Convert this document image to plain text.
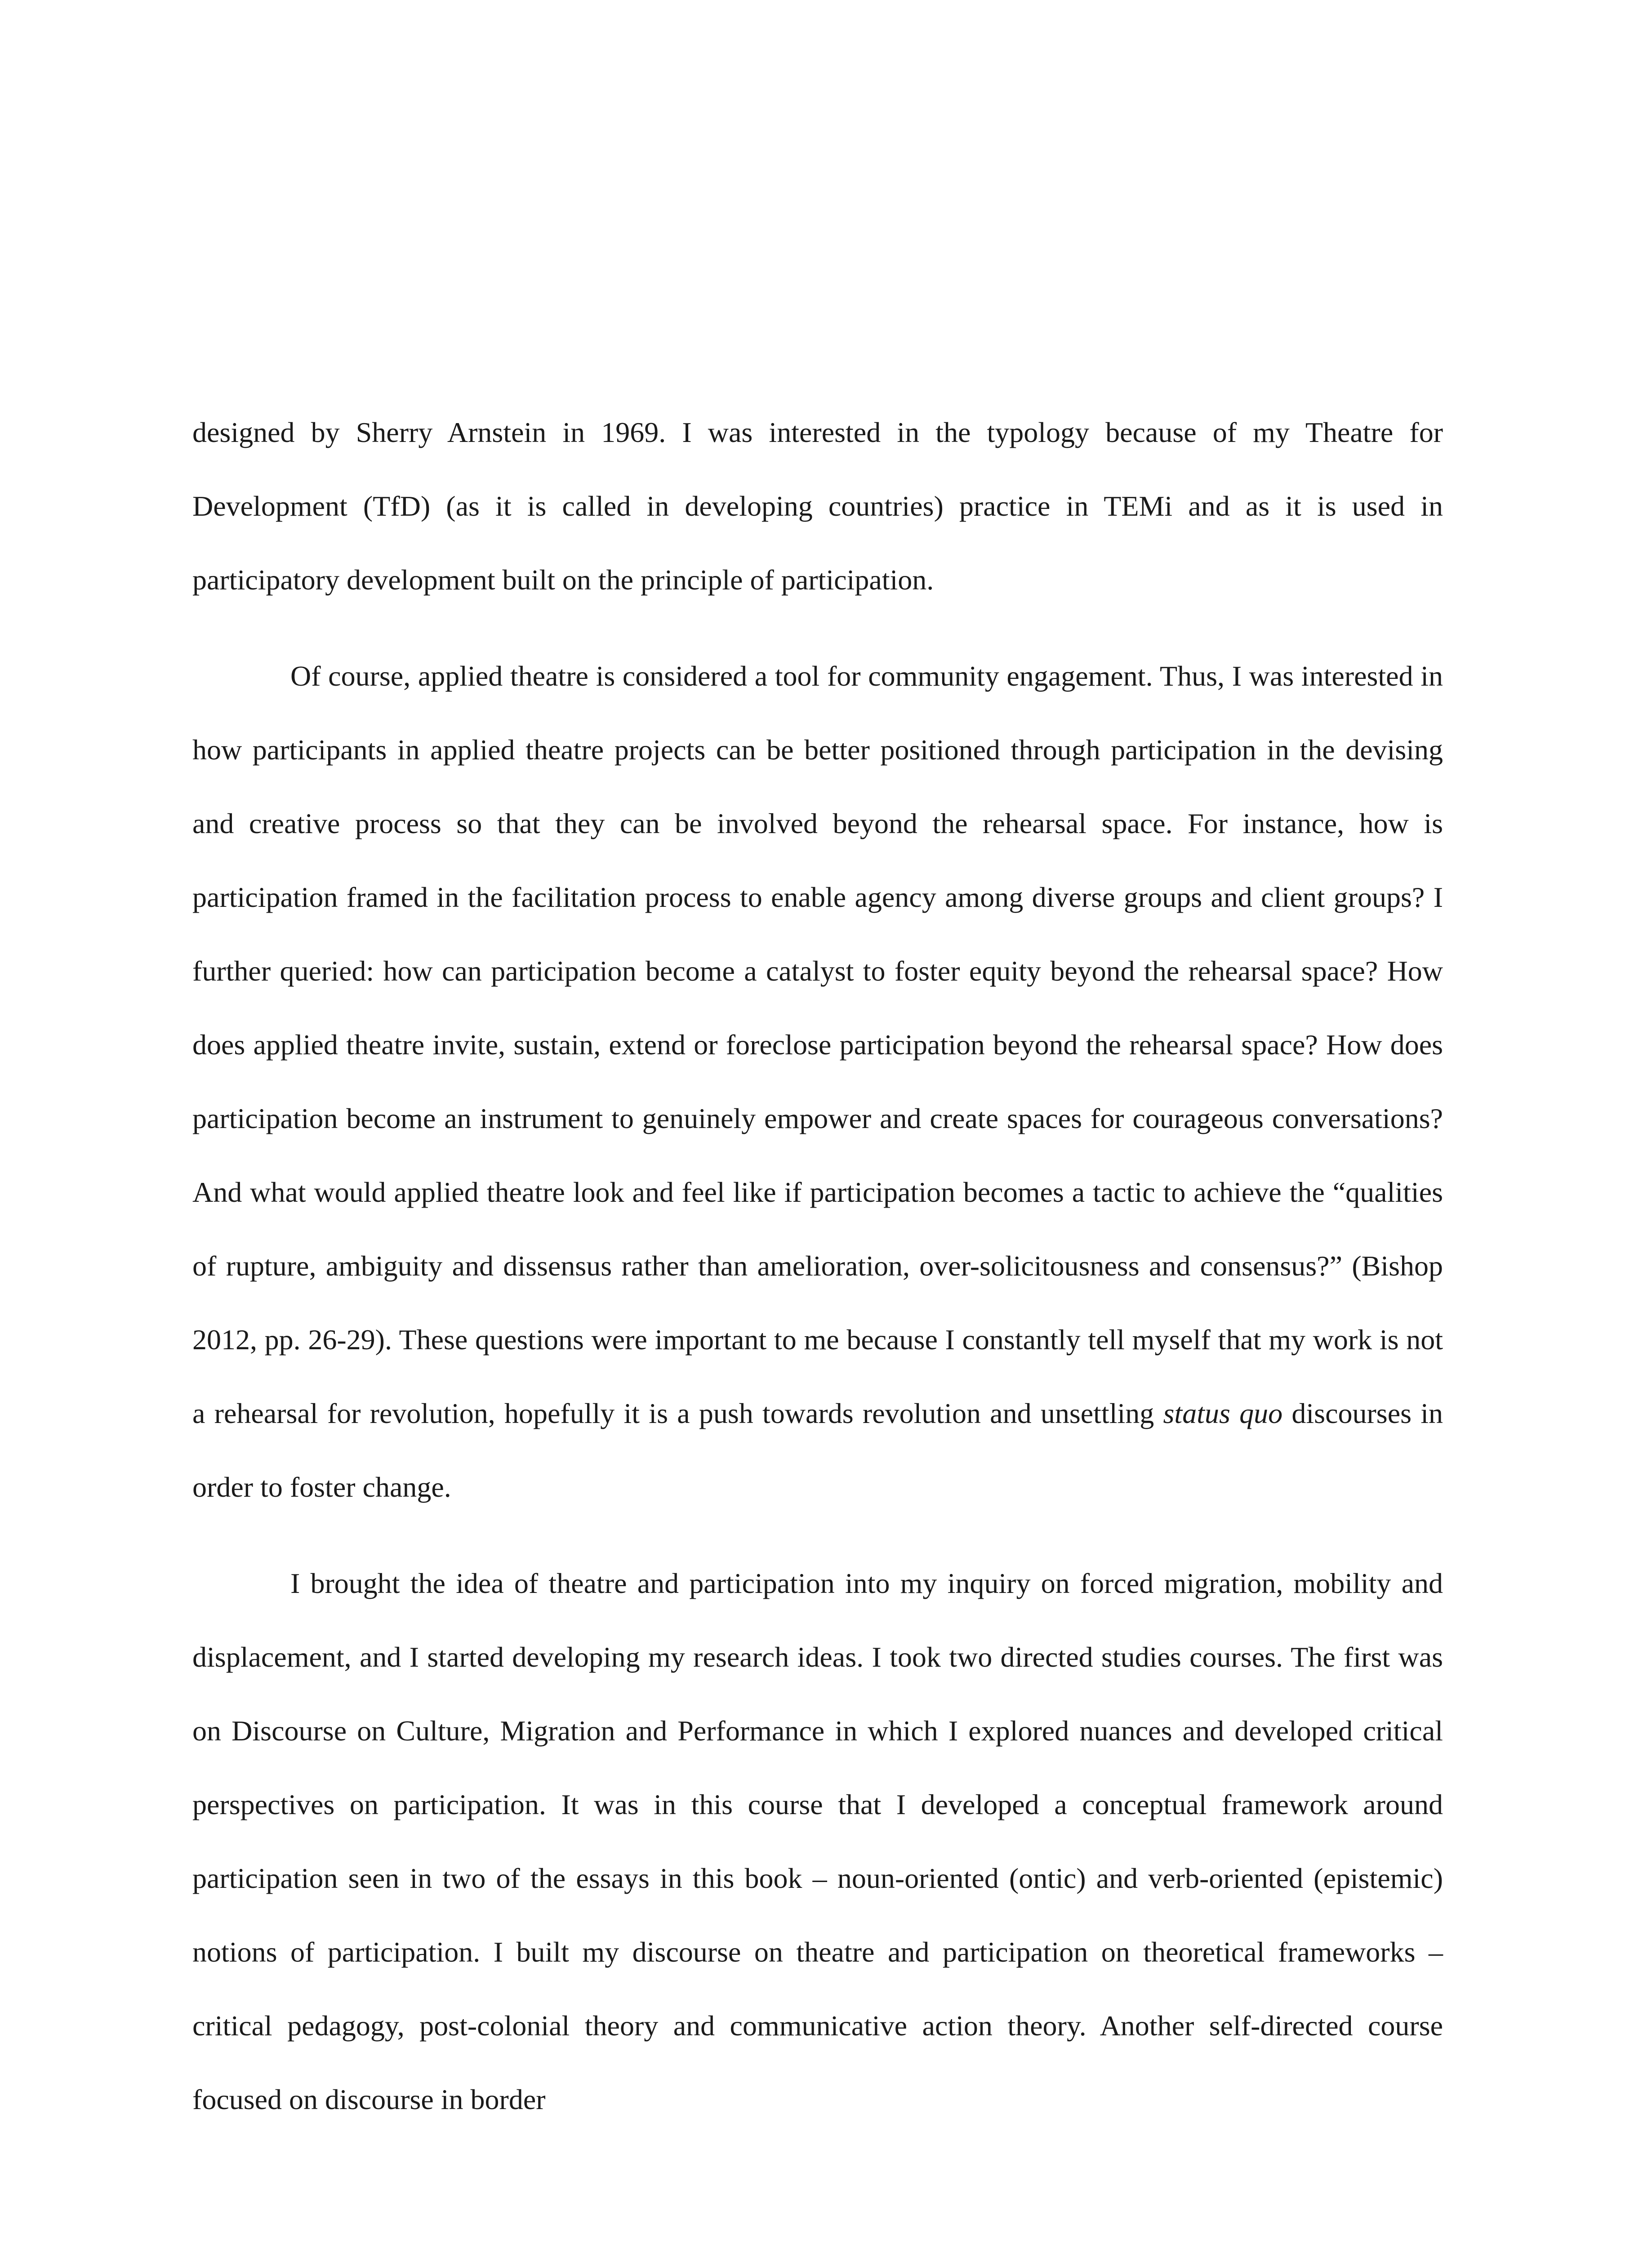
designed by Sherry Arnstein in 1969. I was interested in the typology because of my Theatre for Development (TfD) (as it is called in developing countries) practice in TEMi and as it is used in participatory development built on the principle of participation.

Of course, applied theatre is considered a tool for community engagement. Thus, I was interested in how participants in applied theatre projects can be better positioned through participation in the devising and creative process so that they can be involved beyond the rehearsal space. For instance, how is participation framed in the facilitation process to enable agency among diverse groups and client groups? I further queried: how can participation become a catalyst to foster equity beyond the rehearsal space? How does applied theatre invite, sustain, extend or foreclose participation beyond the rehearsal space? How does participation become an instrument to genuinely empower and create spaces for courageous conversations? And what would applied theatre look and feel like if participation becomes a tactic to achieve the “qualities of rupture, ambiguity and dissensus rather than amelioration, over-solicitousness and consensus?” (Bishop 2012, pp. 26-29). These questions were important to me because I constantly tell myself that my work is not a rehearsal for revolution, hopefully it is a push towards revolution and unsettling status quo discourses in order to foster change.

I brought the idea of theatre and participation into my inquiry on forced migration, mobility and displacement, and I started developing my research ideas. I took two directed studies courses. The first was on Discourse on Culture, Migration and Performance in which I explored nuances and developed critical perspectives on participation. It was in this course that I developed a conceptual framework around participation seen in two of the essays in this book – noun-oriented (ontic) and verb-oriented (epistemic) notions of participation. I built my discourse on theatre and participation on theoretical frameworks – critical pedagogy, post-colonial theory and communicative action theory. Another self-directed course focused on discourse in border
